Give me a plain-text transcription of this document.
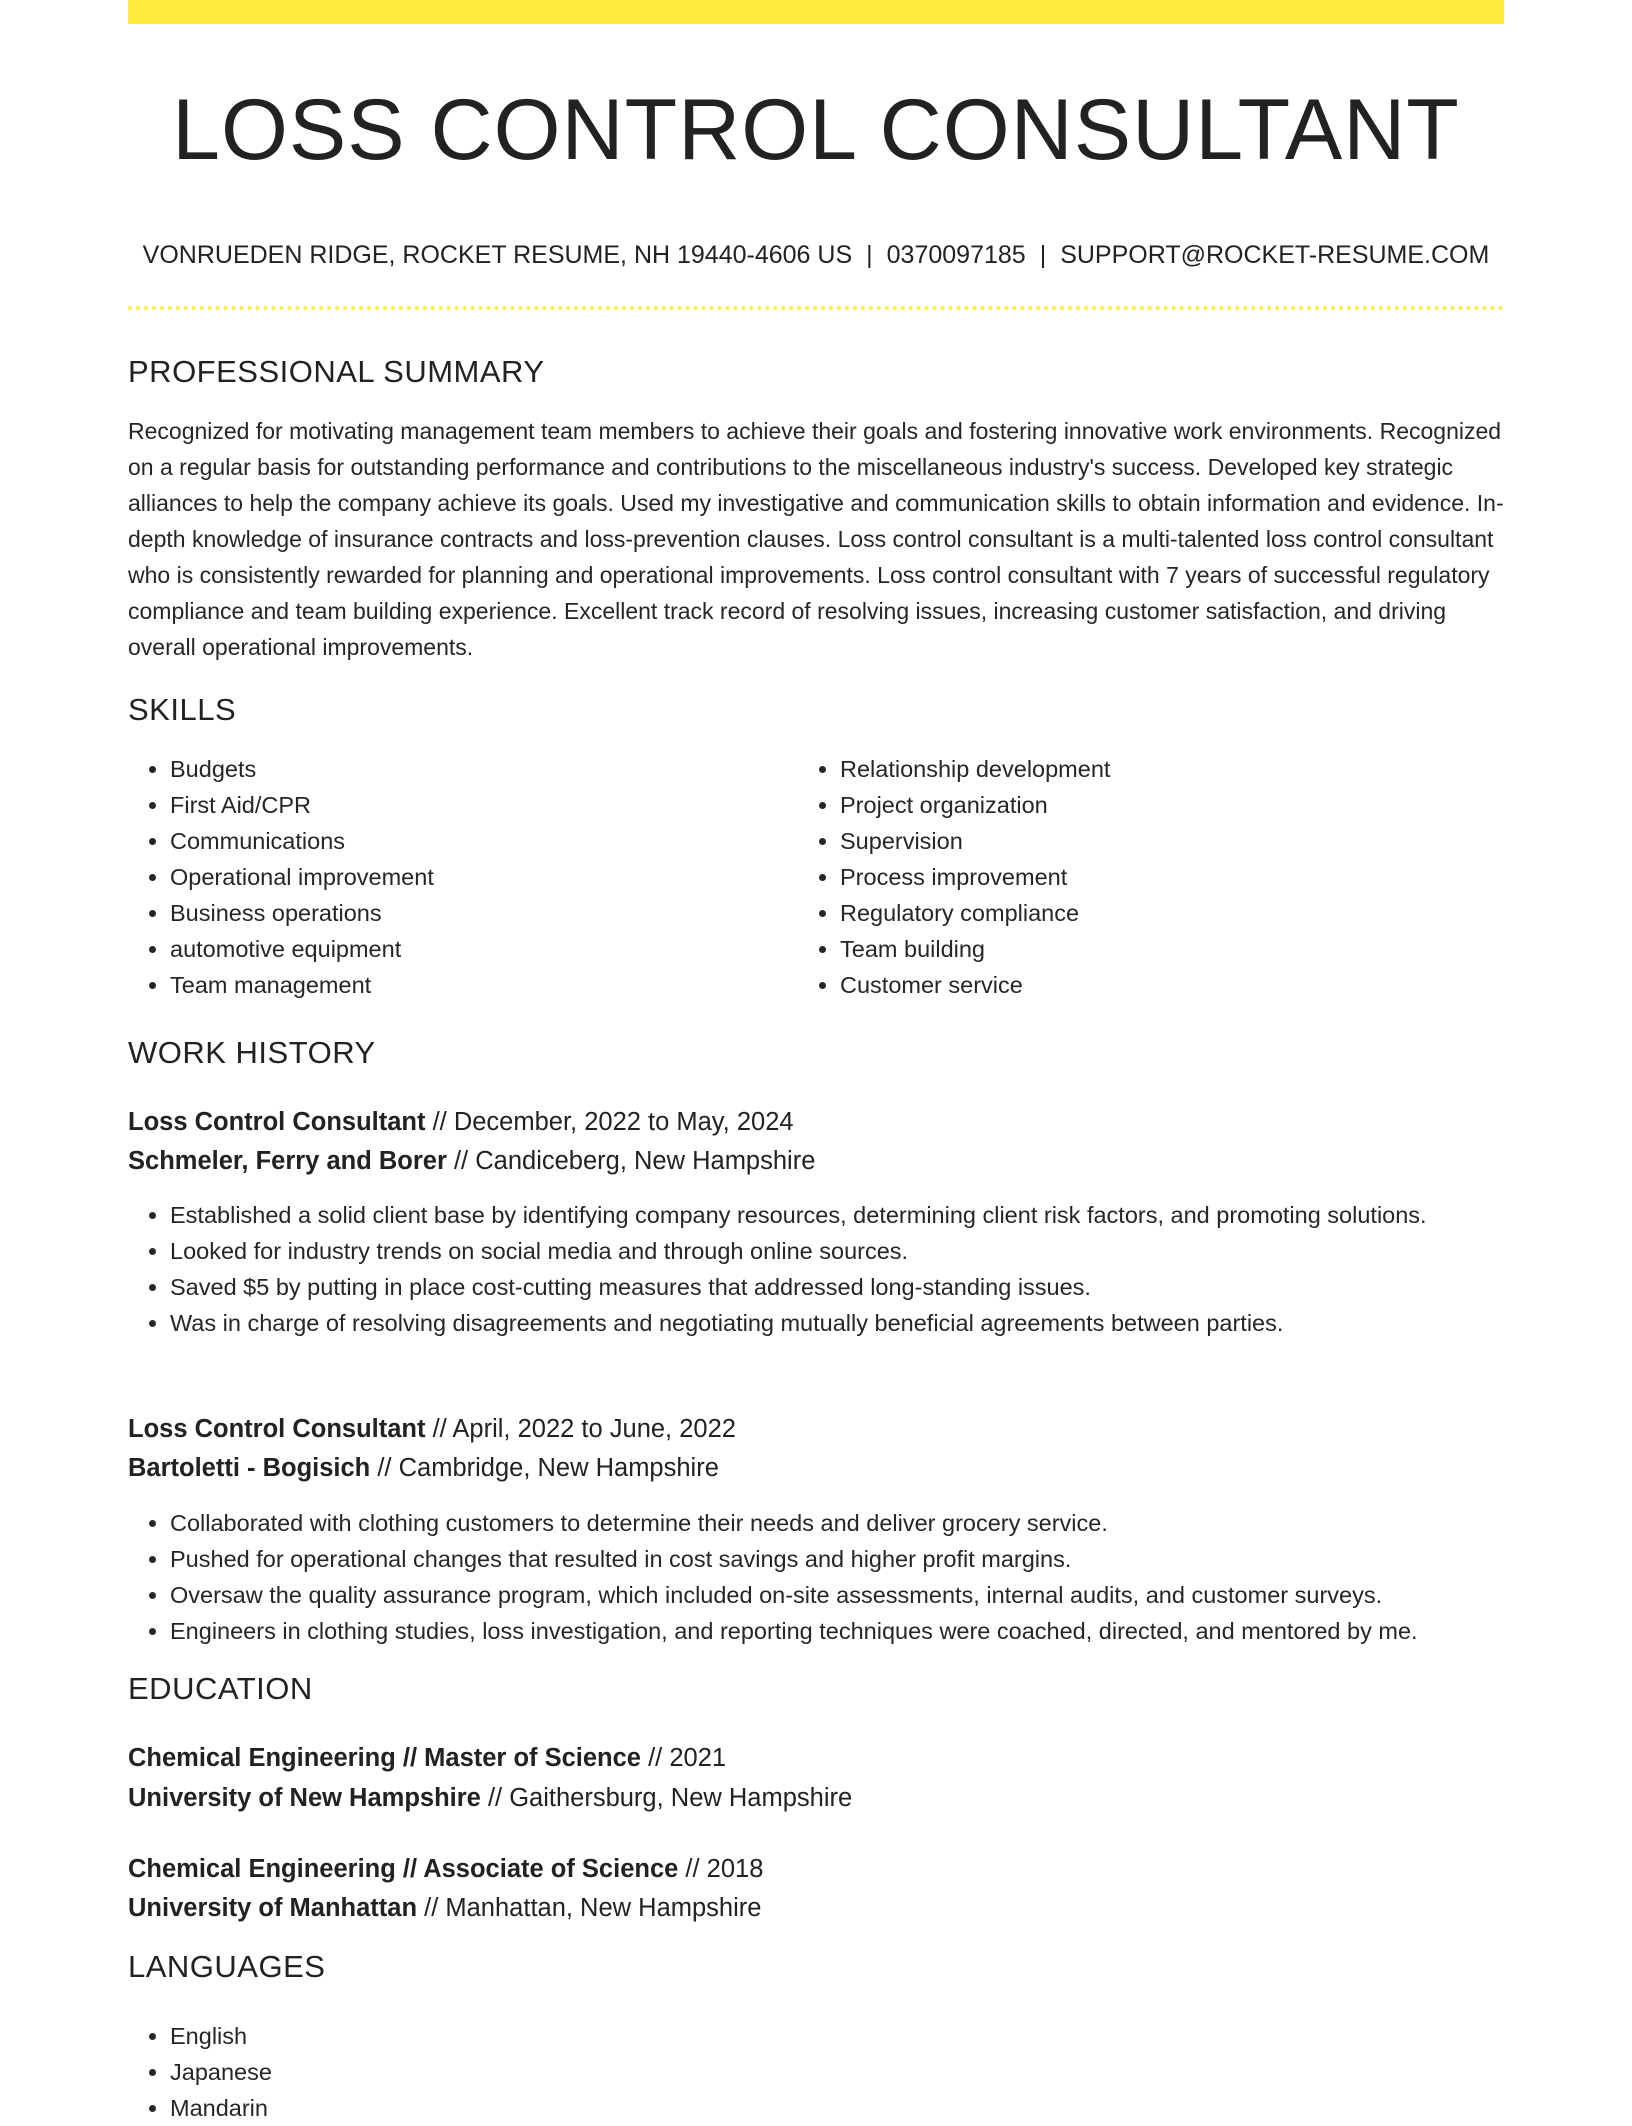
LOSS CONTROL CONSULTANT
VONRUEDEN RIDGE, ROCKET RESUME, NH 19440-4606 US | 0370097185 | SUPPORT@ROCKET-RESUME.COM
PROFESSIONAL SUMMARY

Recognized for motivating management team members to achieve their goals and fostering innovative work environments. Recognized on a regular basis for outstanding performance and contributions to the miscellaneous industry's success. Developed key strategic alliances to help the company achieve its goals. Used my investigative and communication skills to obtain information and evidence. In-depth knowledge of insurance contracts and loss-prevention clauses. Loss control consultant is a multi-talented loss control consultant who is consistently rewarded for planning and operational improvements. Loss control consultant with 7 years of successful regulatory compliance and team building experience. Excellent track record of resolving issues, increasing customer satisfaction, and driving overall operational improvements.

SKILLS
• Budgets
• First Aid/CPR
• Communications
• Operational improvement
• Business operations
• automotive equipment
• Team management
• Relationship development
• Project organization
• Supervision
• Process improvement
• Regulatory compliance
• Team building
• Customer service
WORK HISTORY
Loss Control Consultant // December, 2022 to May, 2024
Schmeler, Ferry and Borer // Candiceberg, New Hampshire
• Established a solid client base by identifying company resources, determining client risk factors, and promoting solutions.
• Looked for industry trends on social media and through online sources.
• Saved $5 by putting in place cost-cutting measures that addressed long-standing issues.
• Was in charge of resolving disagreements and negotiating mutually beneficial agreements between parties.
Loss Control Consultant // April, 2022 to June, 2022
Bartoletti - Bogisich // Cambridge, New Hampshire
• Collaborated with clothing customers to determine their needs and deliver grocery service.
• Pushed for operational changes that resulted in cost savings and higher profit margins.
• Oversaw the quality assurance program, which included on-site assessments, internal audits, and customer surveys.
• Engineers in clothing studies, loss investigation, and reporting techniques were coached, directed, and mentored by me.
EDUCATION
Chemical Engineering // Master of Science // 2021
University of New Hampshire // Gaithersburg, New Hampshire
Chemical Engineering // Associate of Science // 2018
University of Manhattan // Manhattan, New Hampshire
LANGUAGES
• English
• Japanese
• Mandarin
